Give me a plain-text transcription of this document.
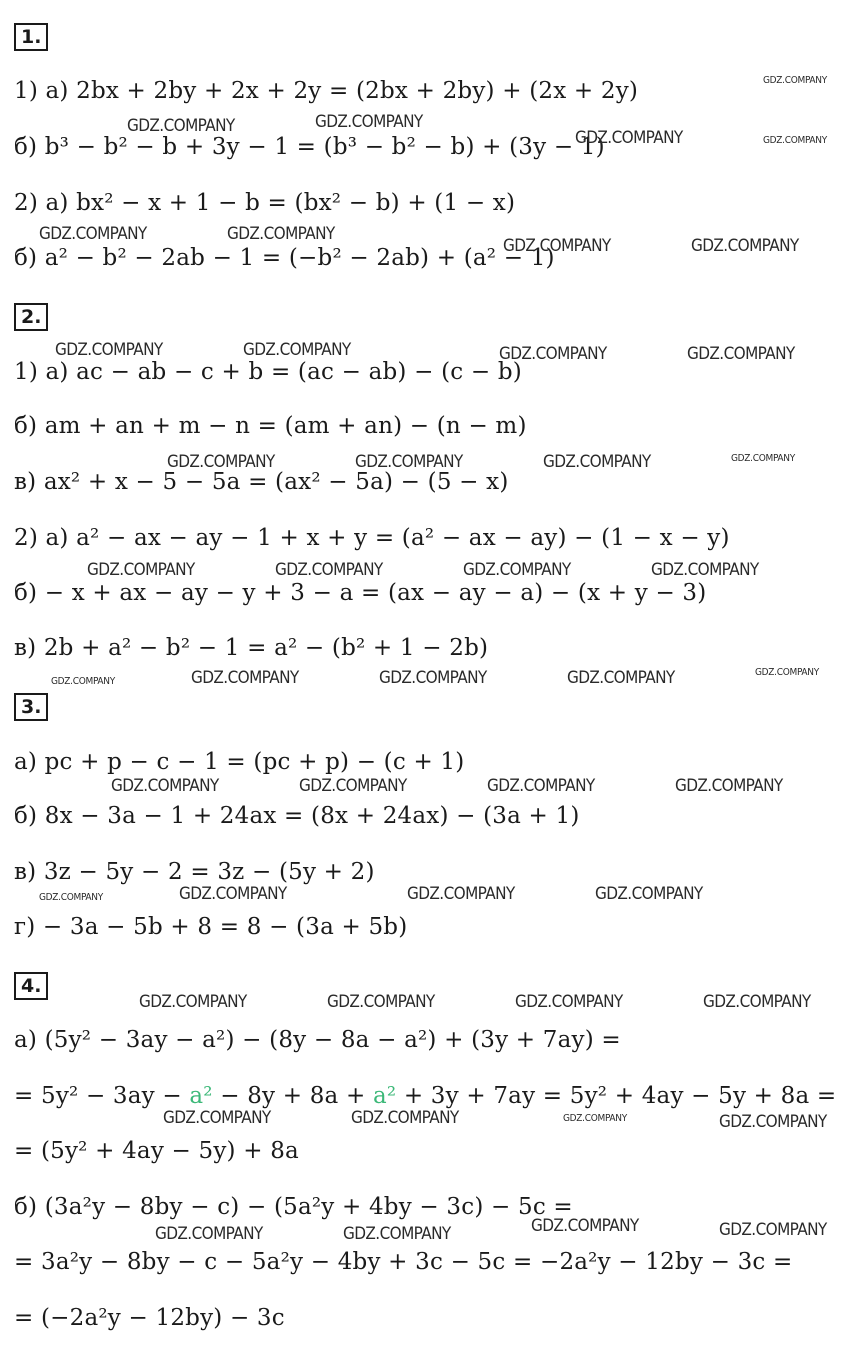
1.
2.
3.
4.
1) а) 2bx + 2by + 2x + 2y = (2bx + 2by) + (2x + 2y)
б) b³ − b² − b + 3y − 1 = (b³ − b² − b) + (3y − 1)
2) а) bx² − x + 1 − b = (bx² − b) + (1 − x)
б) a² − b² − 2ab − 1 = (−b² − 2ab) + (a² − 1)
1) а) ac − ab − c + b = (ac − ab) − (c − b)
б) am + an + m − n = (am + an) − (n − m)
в) ax² + x − 5 − 5a = (ax² − 5a) − (5 − x)
2) а) a² − ax − ay − 1 + x + y = (a² − ax − ay) − (1 − x − y)
б) − x + ax − ay − y + 3 − a = (ax − ay − a) − (x + y − 3)
в) 2b + a² − b² − 1 = a² − (b² + 1 − 2b)
а) pc + p − c − 1 = (pc + p) − (c + 1)
б) 8x − 3a − 1 + 24ax = (8x + 24ax) − (3a + 1)
в) 3z − 5y − 2 = 3z − (5y + 2)
г) − 3a − 5b + 8 = 8 − (3a + 5b)
а) (5y² − 3ay − a²) − (8y − 8a − a²) + (3y + 7ay) =
= 5y² − 3ay − a² − 8y + 8a + a² + 3y + 7ay = 5y² + 4ay − 5y + 8a =
= (5y² + 4ay − 5y) + 8a
б) (3a²y − 8by − c) − (5a²y + 4by − 3c) − 5c =
= 3a²y − 8by − c − 5a²y − 4by + 3c − 5c = −2a²y − 12by − 3c =
= (−2a²y − 12by) − 3c
GDZ.COMPANY
GDZ.COMPANY	GDZ.COMPANY
GDZ.COMPANY	GDZ.COMPANY
GDZ.COMPANY	GDZ.COMPANY
GDZ.COMPANY	GDZ.COMPANY
GDZ.COMPANY	GDZ.COMPANY	GDZ.COMPANY	GDZ.COMPANY
GDZ.COMPANY	GDZ.COMPANY	GDZ.COMPANY	GDZ.COMPANY
GDZ.COMPANY	GDZ.COMPANY	GDZ.COMPANY	GDZ.COMPANY
GDZ.COMPANY	GDZ.COMPANY	GDZ.COMPANY	GDZ.COMPANY	GDZ.COMPANY
GDZ.COMPANY	GDZ.COMPANY	GDZ.COMPANY	GDZ.COMPANY
GDZ.COMPANY	GDZ.COMPANY	GDZ.COMPANY	GDZ.COMPANY
GDZ.COMPANY	GDZ.COMPANY	GDZ.COMPANY	GDZ.COMPANY
GDZ.COMPANY	GDZ.COMPANY	GDZ.COMPANY	GDZ.COMPANY
GDZ.COMPANY
GDZ.COMPANY	GDZ.COMPANY	GDZ.COMPANY
